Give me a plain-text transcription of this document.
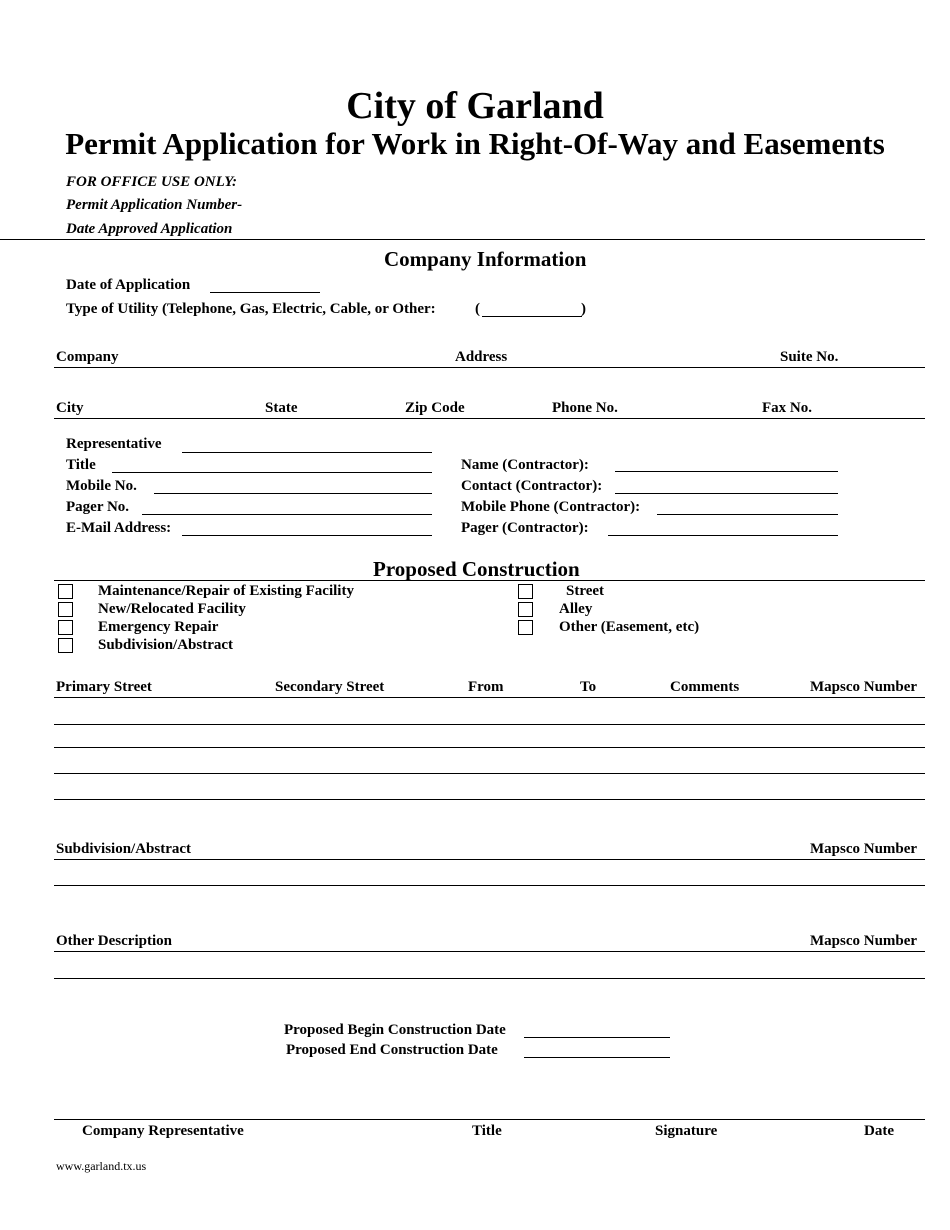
City of Garland
Permit Application for Work in Right-Of-Way and Easements
FOR OFFICE USE ONLY:
Permit Application Number-
Date Approved Application
Company Information
Date of Application
Type of Utility (Telephone, Gas, Electric, Cable, or Other:	(	)
Company	Address	Suite No.
City	State	Zip Code	Phone No.	Fax No.
Representative
Title
Mobile No.
Pager No.
E-Mail Address:
Name (Contractor):
Contact (Contractor):
Mobile Phone (Contractor):
Pager (Contractor):
Proposed Construction
Maintenance/Repair of Existing Facility
New/Relocated Facility
Emergency Repair
Subdivision/Abstract
Street
Alley
Other (Easement, etc)
Primary Street	Secondary Street	From	To	Comments	Mapsco Number
Subdivision/Abstract	Mapsco Number
Other Description	Mapsco Number
Proposed Begin Construction Date
Proposed End Construction Date
Company Representative	Title	Signature	Date
www.garland.tx.us
